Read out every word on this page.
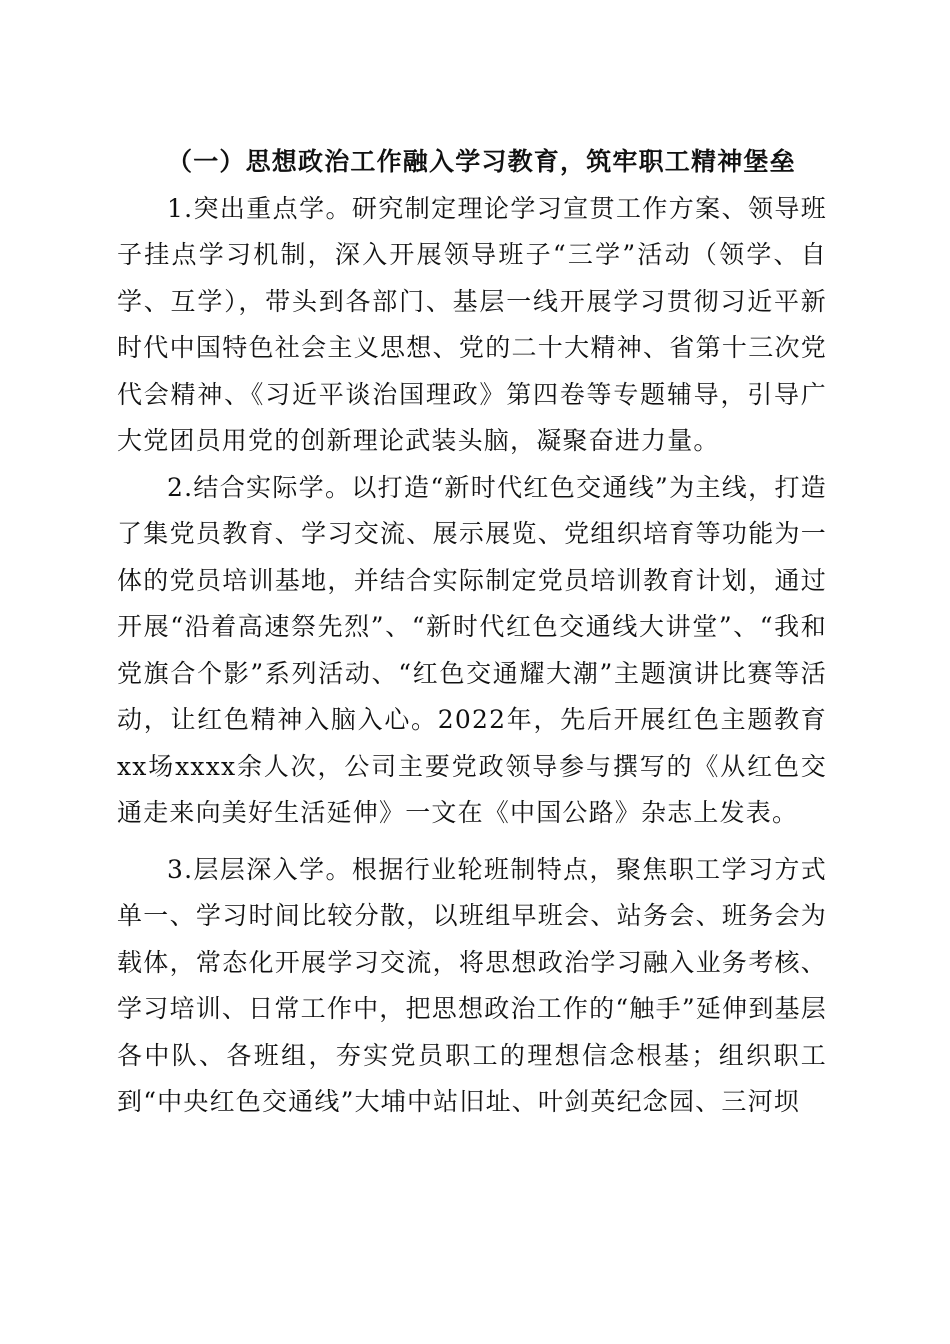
（一）思想政治工作融入学习教育，筑牢职工精神堡垒

1.突出重点学。研究制定理论学习宣贯工作方案、领导班子挂点学习机制，深入开展领导班子“三学”活动（领学、自学、互学），带头到各部门、基层一线开展学习贯彻习近平新时代中国特色社会主义思想、党的二十大精神、省第十三次党代会精神、《习近平谈治国理政》第四卷等专题辅导，引导广大党团员用党的创新理论武装头脑，凝聚奋进力量。

2.结合实际学。以打造“新时代红色交通线”为主线，打造了集党员教育、学习交流、展示展览、党组织培育等功能为一体的党员培训基地，并结合实际制定党员培训教育计划，通过开展“沿着高速祭先烈”、“新时代红色交通线大讲堂”、“我和党旗合个影”系列活动、“红色交通耀大潮”主题演讲比赛等活动，让红色精神入脑入心。2022年，先后开展红色主题教育xx场xxxx余人次，公司主要党政领导参与撰写的《从红色交通走来向美好生活延伸》一文在《中国公路》杂志上发表。

3.层层深入学。根据行业轮班制特点，聚焦职工学习方式单一、学习时间比较分散，以班组早班会、站务会、班务会为载体，常态化开展学习交流，将思想政治学习融入业务考核、学习培训、日常工作中，把思想政治工作的“触手”延伸到基层各中队、各班组，夯实党员职工的理想信念根基；组织职工到“中央红色交通线”大埔中站旧址、叶剑英纪念园、三河坝
